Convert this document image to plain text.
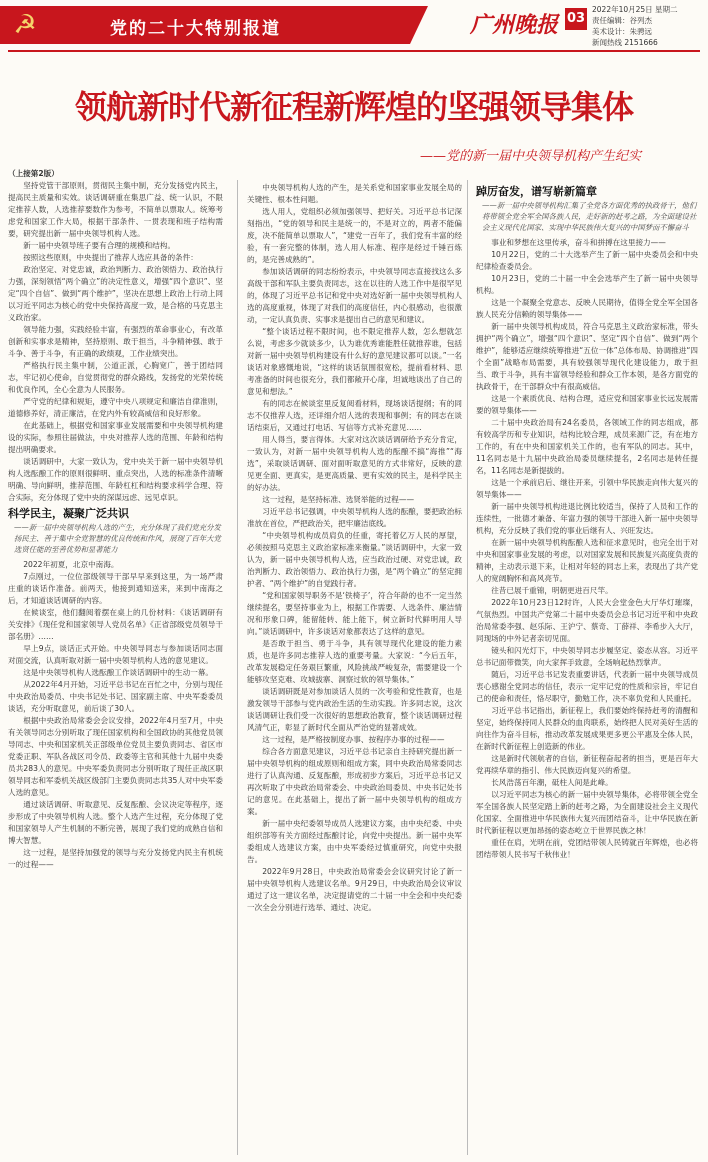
☭	党的二十大特别报道	广州晚报 03
2022年10月25日 星期二
责任编辑：谷列杰
美术设计：朱骋远
新闻热线 2151666
领航新时代新征程新辉煌的坚强领导集体
——党的新一届中央领导机构产生纪实

（上接第2版）

坚持党管干部原则，贯彻民主集中制，充分发扬党内民主，提高民主质量和实效。谈话调研重在集思广益、统一认识，不限定推荐人数，人选推荐要数作为参考，不简单以票取人。统筹考虑党和国家工作大局，根据干部条件、一贯表现和班子结构需要，研究提出新一届中央领导机构人选。

新一届中央领导班子要有合理的规模和结构。

按照这些原则，中央提出了推荐人选应具备的条件：

政治坚定、对党忠诚，政治判断力、政治领悟力、政治执行力强，深刻领悟“两个确立”的决定性意义，增强“四个意识”、坚定“四个自信”、做到“两个维护”，坚决在思想上政治上行动上同以习近平同志为核心的党中央保持高度一致，是合格的马克思主义政治家。

领导能力强，实践经验丰富，有强烈的革命事业心，有改革创新和实事求是精神，坚持原则、敢于担当，斗争精神强、敢于斗争、善于斗争，有正确的政绩观，工作业绩突出。

严格执行民主集中制，公道正派，心胸宽广，善于团结同志，牢记初心使命，自觉贯彻党的群众路线，发扬党的光荣传统和优良作风，全心全意为人民服务。

严守党的纪律和规矩，遵守中央八项规定和廉洁自律准则，道德修养好，清正廉洁，在党内外有较高威信和良好形象。

在此基础上，根据党和国家事业发展需要和中央领导机构建设的实际，参照往届做法，中央对推荐人选的范围、年龄和结构提出明确要求。

谈话调研中，大家一致认为，党中央关于新一届中央领导机构人选酝酿工作的原则很鲜明、重点突出，人选的标准条件清晰明确、导向鲜明，推荐范围、年龄杠杠和结构要求科学合理、符合实际，充分体现了党中央的深谋远虑、远见卓识。

科学民主，凝聚广泛共识
——新一届中央领导机构人选的产生，充分体现了我们党充分发扬民主、善于集中全党智慧的优良传统和作风，展现了百年大党选贤任能的至善优势和显著能力

2022年初夏，北京中南海。

7点刚过，一位位部级领导干部早早来到这里，为一场严肃庄重的谈话作准备。前两天，他接到通知送来，来到中南海之后，才知道谈话调研的内容。

在候谈室，他们翻阅着摆在桌上的几份材料：《谈话调研有关安排》《现任党和国家领导人党员名单》《正省部级党员领导干部名册》……

早上9点，谈话正式开始。中央领导同志与参加谈话同志面对面交流，认真听取对新一届中央领导机构人选的意见建议。

这是中央领导机构人选酝酿工作谈话调研中的生动一幕。

从2022年4月开始，习近平总书记在百忙之中，分别与现任中央政治局委员、中央书记处书记、国家副主席、中央军委委员谈话，充分听取意见，前后谈了30人。

根据中央政治局常委会会议安排，2022年4月至7月，中央有关领导同志分别听取了现任国家机构和全国政协的其他党员领导同志、中央和国家机关正部级单位党员主要负责同志、省区市党委正职、军队各战区司令员、政委等主官和其他十九届中央委员共283人的意见。中央军委负责同志分别听取了现任正战区职领导同志和军委机关战区级部门主要负责同志共35人对中央军委人选的意见。

通过谈话调研、听取意见、反复酝酿、会议决定等程序，逐步形成了中央领导机构人选。整个人选产生过程，充分体现了党和国家领导人产生机制的不断完善，展现了我们党的成熟自信和博大智慧。

这一过程，是坚持加强党的领导与充分发扬党内民主有机统一的过程——

中央领导机构人选的产生，是关系党和国家事业发展全局的关键性、根本性问题。

选人用人，党组织必须加强领导、把好关。习近平总书记深刻指出，“党的领导和民主是统一的，不是对立的，两者不能偏废，决不能简单以票取人”，“建党一百年了，我们党有丰富的经验，有一套完整的体制，选人用人标准、程序是经过千锤百炼的，是完善成熟的”。

参加谈话调研的同志纷纷表示，中央领导同志直接找这么多高级干部和军队主要负责同志，这在以往的人选工作中是很罕见的，体现了习近平总书记和党中央对选好新一届中央领导机构人选的高度重视，体现了对我们的高度信任，内心很感动，也很激动，一定认真负责、实事求是提出自己的意见和建议。

“整个谈话过程不限时间，也不限定推荐人数，怎么想就怎么说，考虑多少就谈多少，认为谁优秀谁能胜任就推荐谁，包括对新一届中央领导机构建设有什么好的意见建议都可以谈。”一名谈话对象感慨地说，“这样的谈话氛围很宽松，提前看材料、思考准备的时间也很充分，我们都敞开心扉，坦诚地谈出了自己的意见和想法。”

有的同志在候谈室里反复阅看材料，现场谈话提纲；有的同志不仅推荐人选，还详细介绍人选的表现和事例；有的同志在谈话结束后，又通过打电话、写信等方式补充意见……

用人得当，要言得体。大家对这次谈话调研给予充分肯定，一致认为，对新一届中央领导机构人选的酝酿不搞“海推”“海选”，采取谈话调研、面对面听取意见的方式非常好，反映的意见更全面、更真实，是更高质量、更有实效的民主，是科学民主的好办法。

这一过程，是坚持标准、选贤举能的过程——

习近平总书记强调，中央领导机构人选的酝酿，要把政治标准放在首位，严把政治关，把牢廉洁底线。

“中央领导机构成员肩负的任重，寄托着亿万人民的厚望，必须按照马克思主义政治家标准来衡量。”谈话调研中，大家一致认为，新一届中央领导机构人选，应当政治过硬、对党忠诚，政治判断力、政治领悟力、政治执行力强，是“两个确立”的坚定拥护者、“两个维护”的自觉践行者。

“党和国家领导职务不是‘铁椅子’，符合年龄的也不一定当然继续提名，要坚持事业为上，根据工作需要、人选条件、廉洁情况和形象口碑，能留能转、能上能下，树立新时代鲜明用人导向。”谈话调研中，许多谈话对象都表达了这样的意见。

是否敢于担当、勇于斗争，具有领导现代化建设的能力素质，也是许多同志推荐人选的重要考量。大家说：“今后五年，改革发展稳定任务艰巨繁重，风险挑战严峻复杂，需要建设一个能够攻坚克难、攻城拔寨、洞察过软的领导集体。”

谈话调研既是对参加谈话人员的一次考验和党性教育，也是激发领导干部参与党内政治生活的生动实践。许多同志说，这次谈话调研让我们受一次很好的思想政治教育，整个谈话调研过程风清气正，彰显了新时代全面从严治党的显著成效。

这一过程，是严格按制度办事、按程序办事的过程——

综合各方面意见建议，习近平总书记亲自主持研究提出新一届中央领导机构的组成原则和组成方案，同中央政治局常委同志进行了认真沟通、反复酝酿，形成初步方案后，习近平总书记又再次听取了中央政治局常委会、中央政治局委员、中央书记处书记的意见。在此基础上，提出了新一届中央领导机构的组成方案。

新一届中央纪委领导成员人选建议方案，由中央纪委、中央组织部等有关方面经过酝酿讨论，向党中央提出。新一届中央军委组成人选建议方案，由中央军委经过慎重研究，向党中央报告。

2022年9月28日，中央政治局常委会会议研究讨论了新一届中央领导机构人选建议名单。9月29日，中央政治局会议审议通过了这一建议名单，决定提请党的二十届一中全会和中央纪委一次全会分别进行选举、通过、决定。

踔厉奋发，谱写崭新篇章
——新一届中央领导机构汇集了全党各方面优秀的执政骨干，他们将带领全党全军全国各族人民，走好新的赶考之路，为全面建设社会主义现代化国家、实现中华民族伟大复兴的中国梦而不懈奋斗

事业和梦想在这里传承，奋斗和拼搏在这里接力——

10月22日，党的二十大选举产生了新一届中央委员会和中央纪律检查委员会。

10月23日，党的二十届一中全会选举产生了新一届中央领导机构。

这是一个凝聚全党意志、反映人民期待，值得全党全军全国各族人民充分信赖的领导集体——

新一届中央领导机构成员，符合马克思主义政治家标准，带头拥护“两个确立”，增强“四个意识”、坚定“四个自信”、做到“两个维护”，能够适应继续统筹推进“五位一体”总体布局、协调推进“四个全面”战略布局需要，具有较强领导现代化建设能力，敢于担当、敢于斗争，具有丰富领导经验和群众工作本领，是各方面党的执政骨干，在干部群众中有很高威信。

这是一个素质优良、结构合理，适应党和国家事业长远发展需要的领导集体——

二十届中央政治局有24名委员，各领域工作的同志组成，都有较高学历和专业知识，结构比较合理，成员来源广泛，有在地方工作的，有在中央和国家机关工作的，也有军队的同志。其中，11名同志是十九届中央政治局委员继续提名，2名同志是转任提名，11名同志是新提拔的。

这是一个承前启后、继往开来，引领中华民族走向伟大复兴的领导集体——

新一届中央领导机构进退比例比较适当，保持了人员和工作的连续性，一批德才兼备、年富力强的领导干部进入新一届中央领导机构，充分反映了我们党的事业后继有人、兴旺发达。

在新一届中央领导机构酝酿人选和征求意见时，也完全出于对中央和国家事业发展的考虑，以对国家发展和民族复兴高度负责的精神，主动表示退下来，让相对年轻的同志上来，表现出了共产党人的宽阔胸怀和高风亮节。

往昔已展千重锦，明朝更进百尺竿。

2022年10月23日12时许，人民大会堂金色大厅华灯璀璨，气氛热烈。中国共产党第二十届中央委员会总书记习近平和中央政治局常委李强、赵乐际、王沪宁、蔡奇、丁薛祥、李希步入大厅，同现场的中外记者亲切见面。

镜头和闪光灯下，中央领导同志步履坚定、姿态从容。习近平总书记面带微笑，向大家挥手致意，全场响起热烈掌声。

随后，习近平总书记发表重要讲话，代表新一届中央领导成员衷心感谢全党同志的信任，表示一定牢记党的性质和宗旨，牢记自己的使命和责任，恪尽职守，勤勉工作，决不辜负党和人民重托。

习近平总书记指出，新征程上，我们要始终保持赶考的清醒和坚定，始终保持同人民群众的血肉联系，始终把人民对美好生活的向往作为奋斗目标，推动改革发展成果更多更公平惠及全体人民，在新时代新征程上创造新的伟业。

这是新时代领航者的自信，新征程奋起者的担当，更是百年大党再续华章的指引、伟大民族迈向复兴的希望。

长风浩荡百年潮，砥柱人间是此峰。

以习近平同志为核心的新一届中央领导集体，必将带领全党全军全国各族人民坚定踏上新的赶考之路，为全面建设社会主义现代化国家、全面推进中华民族伟大复兴而团结奋斗，让中华民族在新时代新征程以更加昂扬的姿态屹立于世界民族之林！

重任在肩，光明在前，党团结带领人民铸就百年辉煌，也必将团结带领人民书写千秋伟业！
